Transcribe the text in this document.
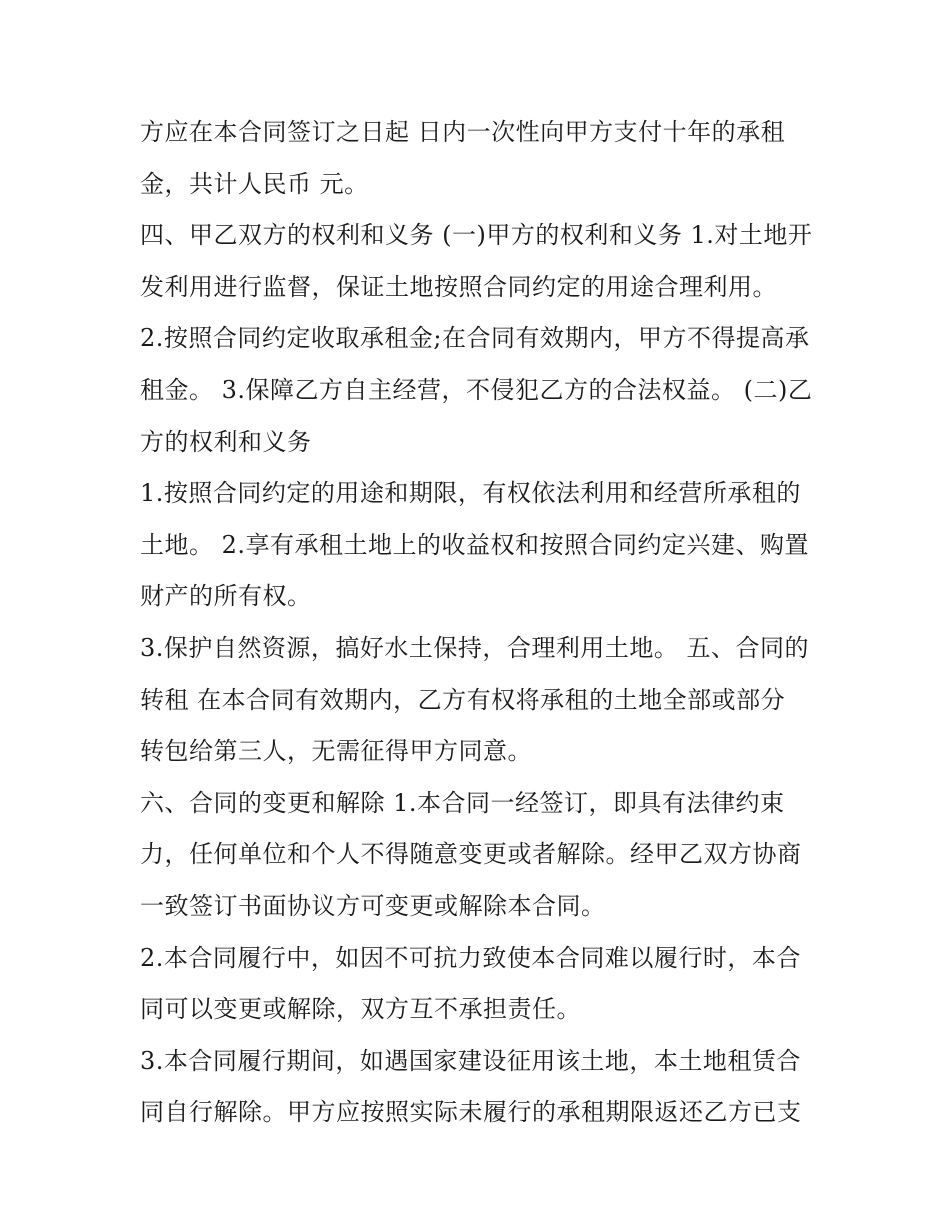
方应在本合同签订之日起 日内一次性向甲方支付十年的承租
金，共计人民币 元。
四、甲乙双方的权利和义务 (一)甲方的权利和义务 1.对土地开
发利用进行监督，保证土地按照合同约定的用途合理利用。
2.按照合同约定收取承租金;在合同有效期内，甲方不得提高承
租金。 3.保障乙方自主经营，不侵犯乙方的合法权益。 (二)乙
方的权利和义务
1.按照合同约定的用途和期限，有权依法利用和经营所承租的
土地。 2.享有承租土地上的收益权和按照合同约定兴建、购置
财产的所有权。
3.保护自然资源，搞好水土保持，合理利用土地。 五、合同的
转租 在本合同有效期内，乙方有权将承租的土地全部或部分
转包给第三人，无需征得甲方同意。
六、合同的变更和解除 1.本合同一经签订，即具有法律约束
力，任何单位和个人不得随意变更或者解除。经甲乙双方协商
一致签订书面协议方可变更或解除本合同。
2.本合同履行中，如因不可抗力致使本合同难以履行时，本合
同可以变更或解除，双方互不承担责任。
3.本合同履行期间，如遇国家建设征用该土地，本土地租赁合
同自行解除。甲方应按照实际未履行的承租期限返还乙方已支
